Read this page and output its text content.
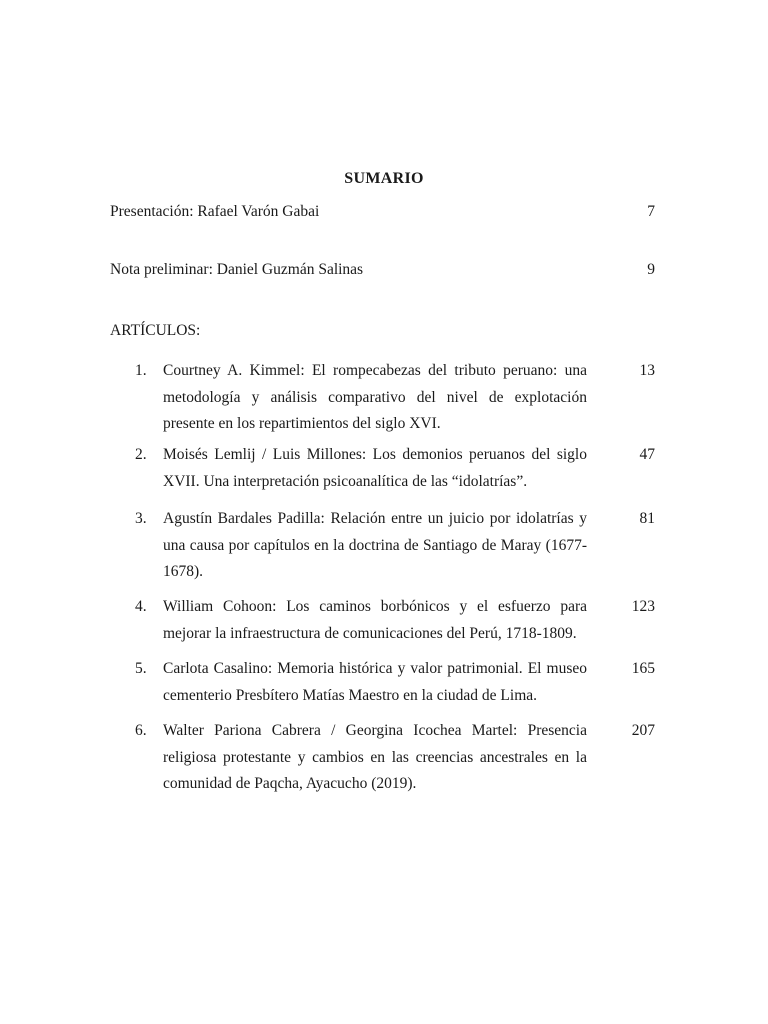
SUMARIO
Presentación: Rafael Varón Gabai	7
Nota preliminar: Daniel Guzmán Salinas	9
ARTÍCULOS:
1.	Courtney A. Kimmel: El rompecabezas del tributo peruano: una metodología y análisis comparativo del nivel de explotación presente en los repartimientos del siglo XVI.
13
2.	Moisés Lemlij / Luis Millones: Los demonios peruanos del siglo XVII. Una interpretación psicoanalítica de las “idolatrías”.
47
3.	Agustín Bardales Padilla: Relación entre un juicio por idolatrías y una causa por capítulos en la doctrina de Santiago de Maray (1677-1678).
81
4.	William Cohoon: Los caminos borbónicos y el esfuerzo para mejorar la infraestructura de comunicaciones del Perú, 1718-1809.
123
5.	Carlota Casalino: Memoria histórica y valor patrimonial. El museo cementerio Presbítero Matías Maestro en la ciudad de Lima.
165
6.	Walter Pariona Cabrera / Georgina Icochea Martel: Presencia religiosa protestante y cambios en las creencias ancestrales en la comunidad de Paqcha, Ayacucho (2019).
207
